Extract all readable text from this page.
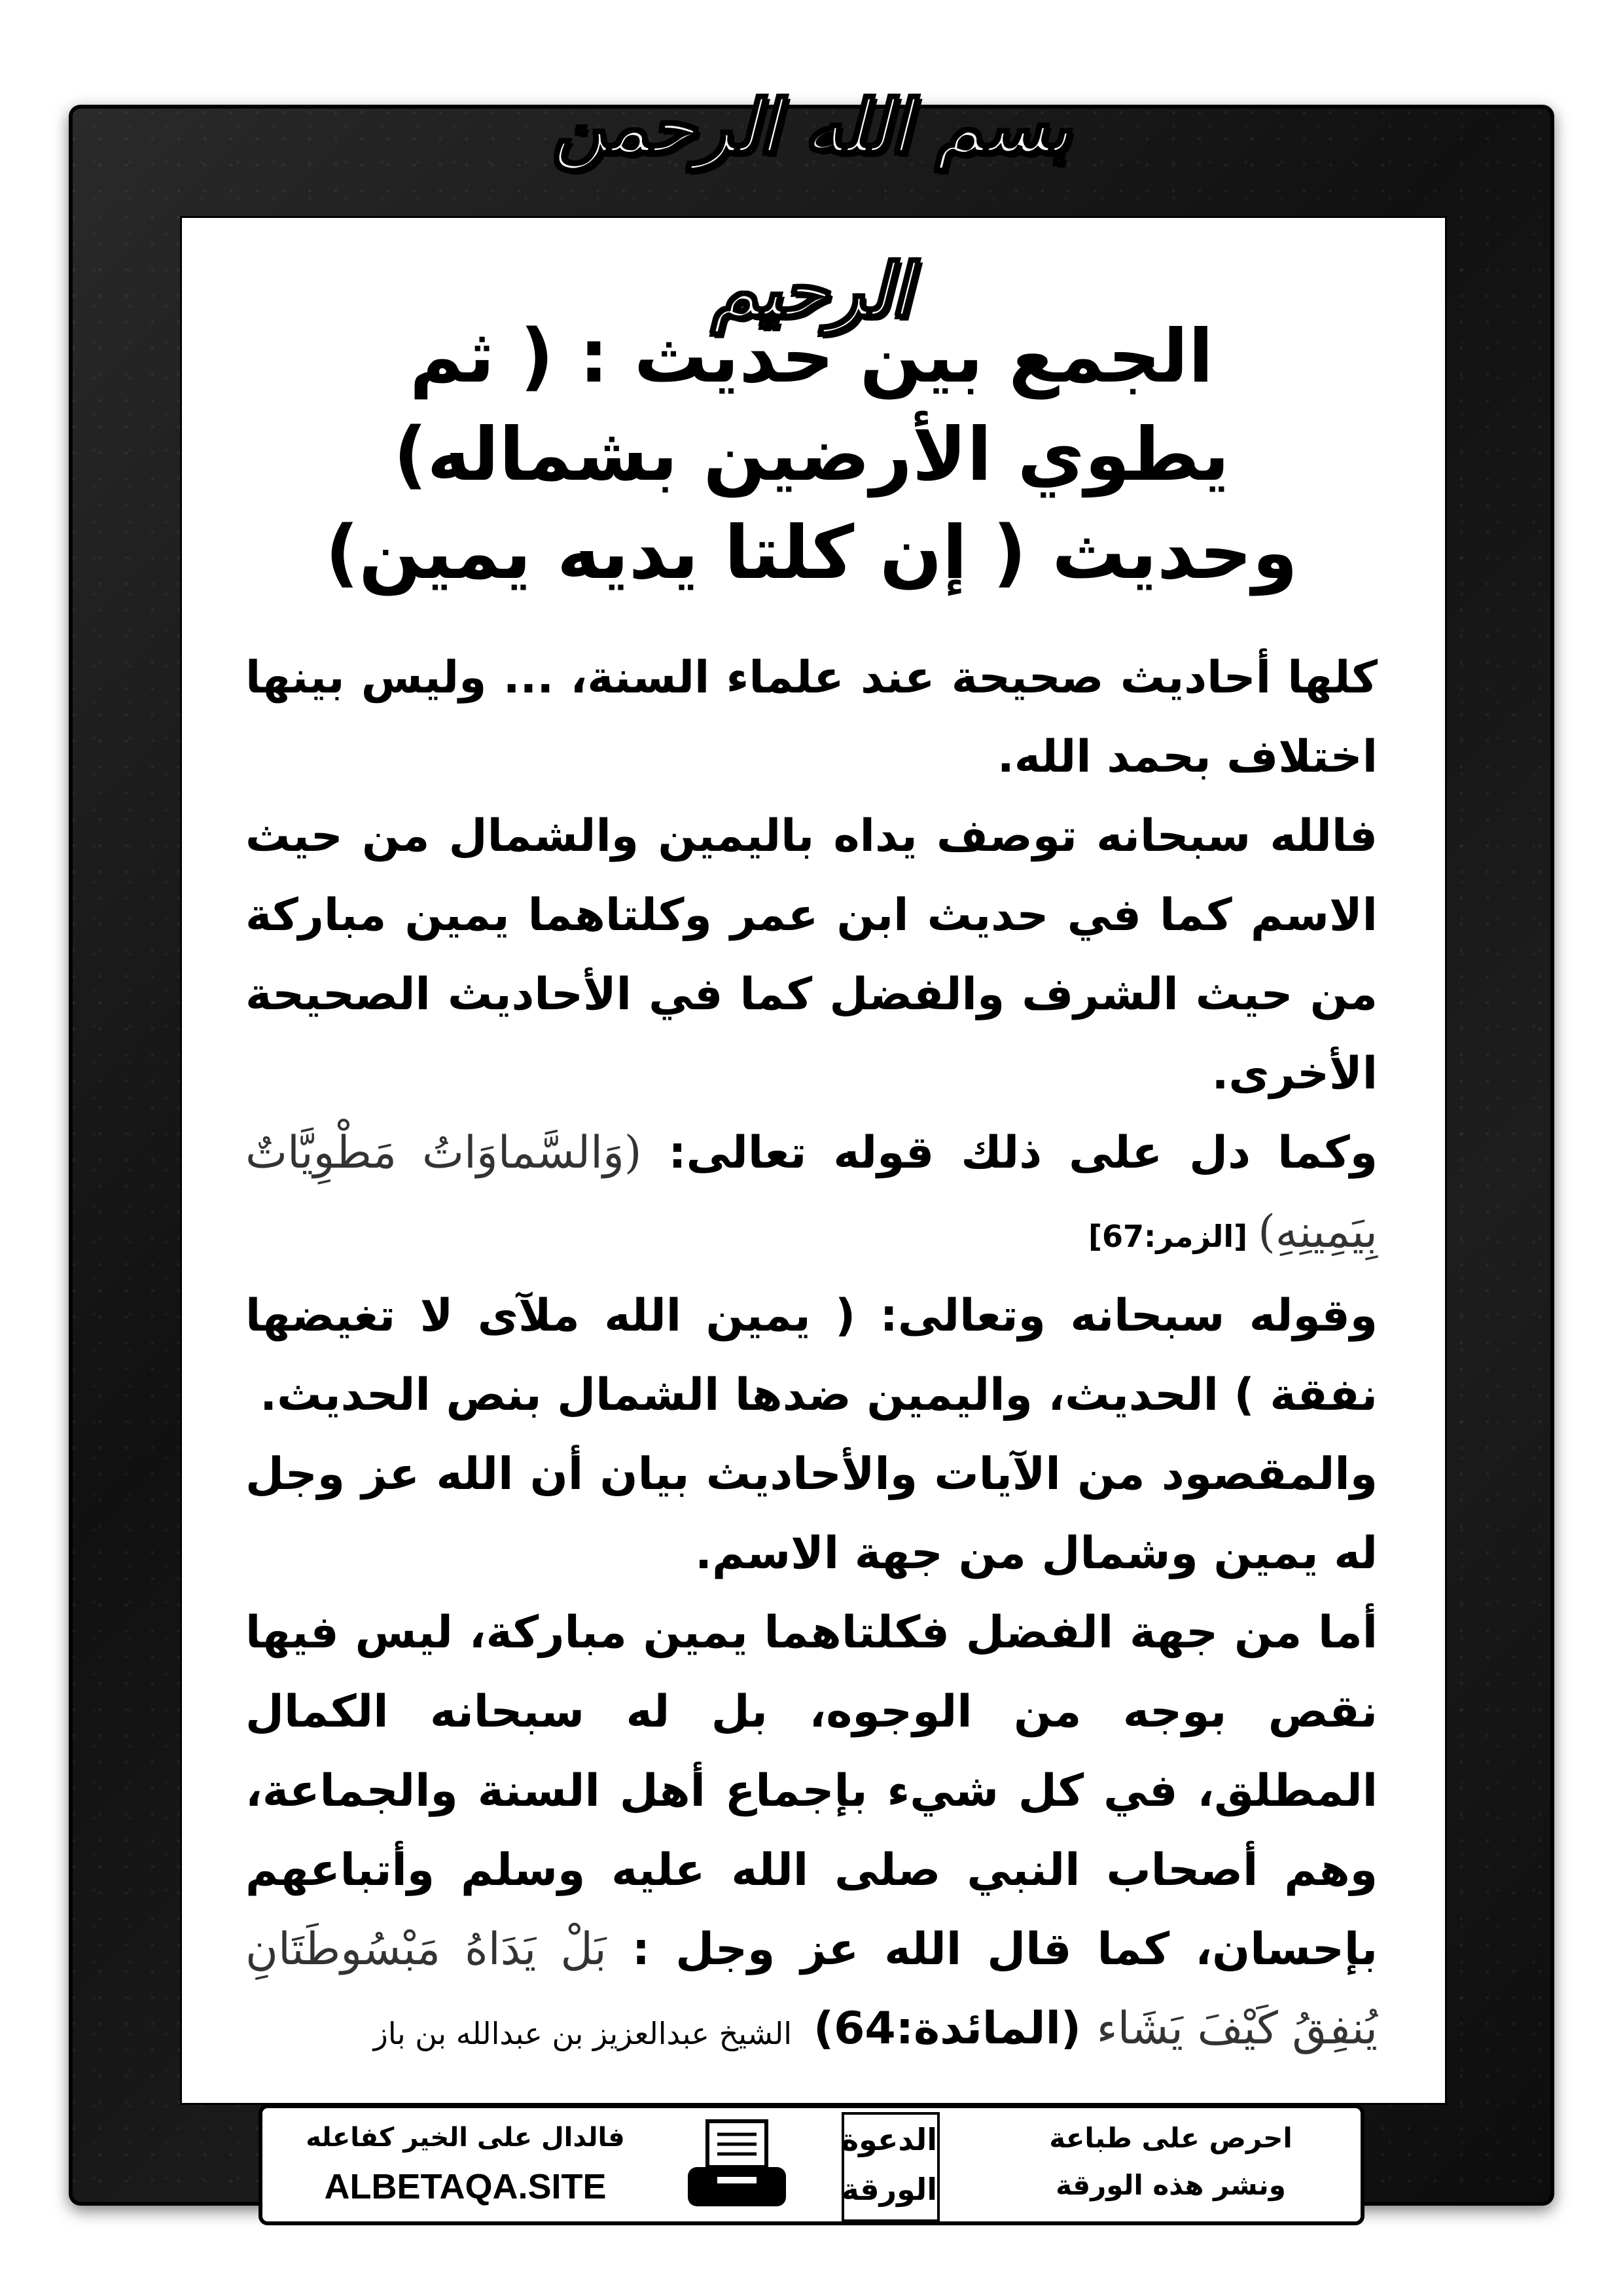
بسم الله الرحمن الرحيم
الجمع بين حديث : ( ثم
يطوي الأرضين بشماله)
وحديث ( إن كلتا يديه يمين)

كلها أحاديث صحيحة عند علماء السنة، ... وليس بينها اختلاف بحمد الله.

فالله سبحانه توصف يداه باليمين والشمال من حيث الاسم كما في حديث ابن عمر وكلتاهما يمين مباركة من حيث الشرف والفضل كما في الأحاديث الصحيحة الأخرى.

وكما دل على ذلك قوله تعالى: (وَالسَّماوَاتُ مَطْوِيَّاتٌ بِيَمِينِهِ) [الزمر:67]

وقوله سبحانه وتعالى: ( يمين الله ملآى لا تغيضها نفقة ) الحديث، واليمين ضدها الشمال بنص الحديث.

والمقصود من الآيات والأحاديث بيان أن الله عز وجل له يمين وشمال من جهة الاسم.

أما من جهة الفضل فكلتاهما يمين مباركة، ليس فيها نقص بوجه من الوجوه، بل له سبحانه الكمال المطلق، في كل شيء بإجماع أهل السنة والجماعة، وهم أصحاب النبي صلى الله عليه وسلم وأتباعهم بإحسان، كما قال الله عز وجل : بَلْ يَدَاهُ مَبْسُوطَتَانِ يُنفِقُ كَيْفَ يَشَاء (المائدة:64)

الشيخ عبدالعزيز بن عبدالله بن باز
فالدال على الخير كفاعله
ALBETAQA.SITE
الدعوة
الورقة
احرص على طباعة
ونشر هذه الورقة
